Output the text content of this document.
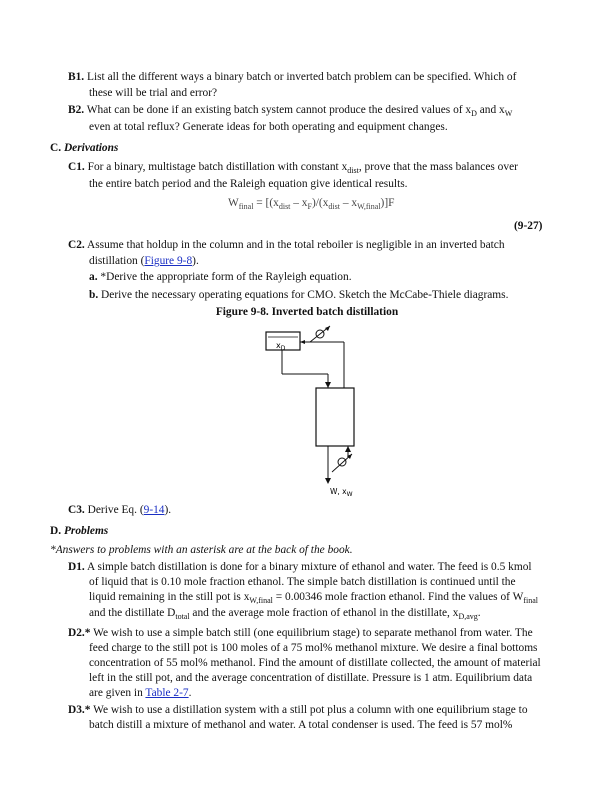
B1. List all the different ways a binary batch or inverted batch problem can be specified. Which of
these will be trial and error?
B2. What can be done if an existing batch system cannot produce the desired values of $x_D$ and $x_W$
even at total reflux? Generate ideas for both operating and equipment changes.
C. Derivations
C1. For a binary, multistage batch distillation with constant $x_{dist}$, prove that the mass balances over
the entire batch period and the Raleigh equation give identical results.
$W_{final} = [(x_{dist} - x_F)/(x_{dist} - x_{W,final})]F$
(9-27)
C2. Assume that holdup in the column and in the total reboiler is negligible in an inverted batch
distillation (Figure 9-8).
a. *Derive the appropriate form of the Rayleigh equation.
b. Derive the necessary operating equations for CMO. Sketch the McCabe-Thiele diagrams.
Figure 9-8. Inverted batch distillation
$x_D$
W, $x_W$
C3. Derive Eq. (9-14).
D. Problems
*Answers to problems with an asterisk are at the back of the book.
D1. A simple batch distillation is done for a binary mixture of ethanol and water. The feed is 0.5 kmol
of liquid that is 0.10 mole fraction ethanol. The simple batch distillation is continued until the
liquid remaining in the still pot is $x_{W,final} = 0.00346$ mole fraction ethanol. Find the values of $W_{final}$
and the distillate $D_{total}$ and the average mole fraction of ethanol in the distillate, $x_{D,avg}$.
D2.* We wish to use a simple batch still (one equilibrium stage) to separate methanol from water. The
feed charge to the still pot is 100 moles of a 75 mol% methanol mixture. We desire a final bottoms
concentration of 55 mol% methanol. Find the amount of distillate collected, the amount of material
left in the still pot, and the average concentration of distillate. Pressure is 1 atm. Equilibrium data
are given in Table 2-7.
D3.* We wish to use a distillation system with a still pot plus a column with one equilibrium stage to
batch distill a mixture of methanol and water. A total condenser is used. The feed is 57 mol%
